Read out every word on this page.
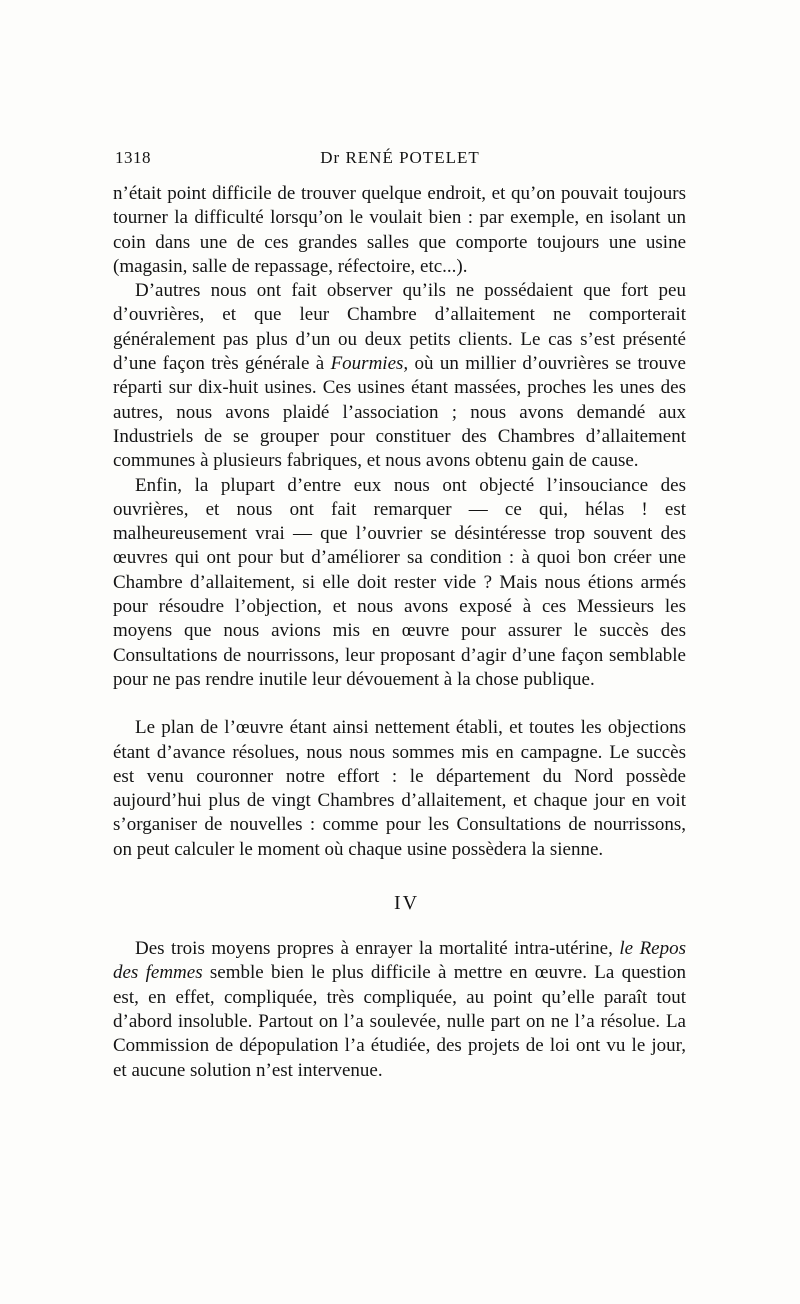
1318	Dr RENÉ POTELET

n’était point difficile de trouver quelque endroit, et qu’on pouvait toujours tourner la difficulté lorsqu’on le voulait bien : par exemple, en isolant un coin dans une de ces grandes salles que comporte toujours une usine (magasin, salle de repassage, réfectoire, etc...).

D’autres nous ont fait observer qu’ils ne possédaient que fort peu d’ouvrières, et que leur Chambre d’allaitement ne comporterait généralement pas plus d’un ou deux petits clients. Le cas s’est présenté d’une façon très générale à Fourmies, où un millier d’ouvrières se trouve réparti sur dix-huit usines. Ces usines étant massées, proches les unes des autres, nous avons plaidé l’association ; nous avons demandé aux Industriels de se grouper pour constituer des Chambres d’allaitement communes à plusieurs fabriques, et nous avons obtenu gain de cause.

Enfin, la plupart d’entre eux nous ont objecté l’insouciance des ouvrières, et nous ont fait remarquer — ce qui, hélas ! est malheureusement vrai — que l’ouvrier se désintéresse trop souvent des œuvres qui ont pour but d’améliorer sa condition : à quoi bon créer une Chambre d’allaitement, si elle doit rester vide ? Mais nous étions armés pour résoudre l’objection, et nous avons exposé à ces Messieurs les moyens que nous avions mis en œuvre pour assurer le succès des Consultations de nourrissons, leur proposant d’agir d’une façon semblable pour ne pas rendre inutile leur dévouement à la chose publique.

Le plan de l’œuvre étant ainsi nettement établi, et toutes les objections étant d’avance résolues, nous nous sommes mis en campagne. Le succès est venu couronner notre effort : le département du Nord possède aujourd’hui plus de vingt Chambres d’allaitement, et chaque jour en voit s’organiser de nouvelles : comme pour les Consultations de nourrissons, on peut calculer le moment où chaque usine possèdera la sienne.

IV

Des trois moyens propres à enrayer la mortalité intra-utérine, le Repos des femmes semble bien le plus difficile à mettre en œuvre. La question est, en effet, compliquée, très compliquée, au point qu’elle paraît tout d’abord insoluble. Partout on l’a soulevée, nulle part on ne l’a résolue. La Commission de dépopulation l’a étudiée, des projets de loi ont vu le jour, et aucune solution n’est intervenue.
